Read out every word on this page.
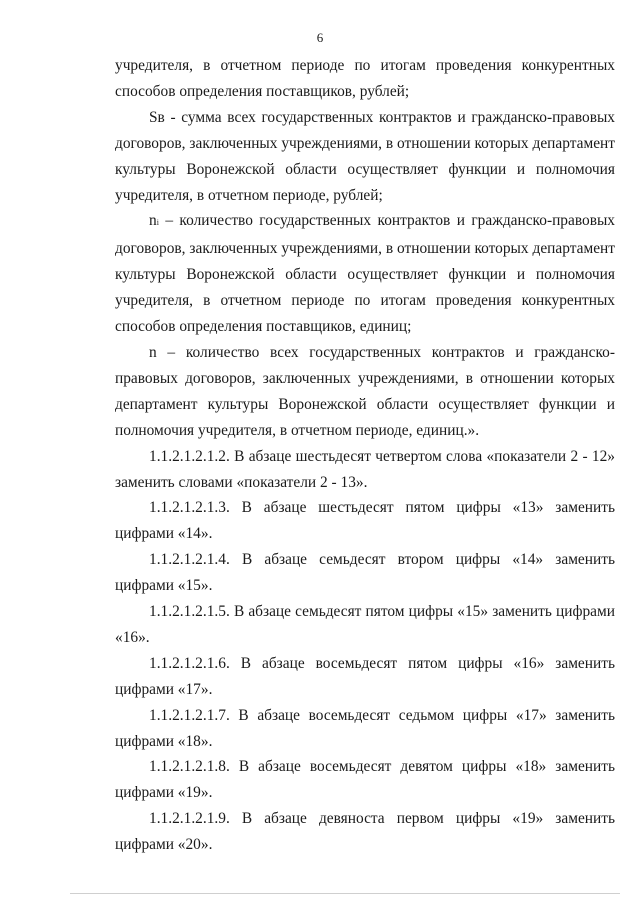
6

учредителя, в отчетном периоде по итогам проведения конкурентных способов определения поставщиков, рублей;

Sв - сумма всех государственных контрактов и гражданско-правовых договоров, заключенных учреждениями, в отношении которых департамент культуры Воронежской области осуществляет функции и полномочия учредителя, в отчетном периоде, рублей;

ni – количество государственных контрактов и гражданско-правовых договоров, заключенных учреждениями, в отношении которых департамент культуры Воронежской области осуществляет функции и полномочия учредителя, в отчетном периоде по итогам проведения конкурентных способов определения поставщиков, единиц;

n – количество всех государственных контрактов и гражданско-правовых договоров, заключенных учреждениями, в отношении которых департамент культуры Воронежской области осуществляет функции и полномочия учредителя, в отчетном периоде, единиц.».

1.1.2.1.2.1.2. В абзаце шестьдесят четвертом слова «показатели 2 - 12» заменить словами «показатели 2 - 13».

1.1.2.1.2.1.3. В абзаце шестьдесят пятом цифры «13» заменить цифрами «14».

1.1.2.1.2.1.4. В абзаце семьдесят втором цифры «14» заменить цифрами «15».

1.1.2.1.2.1.5. В абзаце семьдесят пятом цифры «15» заменить цифрами «16».

1.1.2.1.2.1.6. В абзаце восемьдесят пятом цифры «16» заменить цифрами «17».

1.1.2.1.2.1.7. В абзаце восемьдесят седьмом цифры «17» заменить цифрами «18».

1.1.2.1.2.1.8. В абзаце восемьдесят девятом цифры «18» заменить цифрами «19».

1.1.2.1.2.1.9. В абзаце девяноста первом цифры «19» заменить цифрами «20».
